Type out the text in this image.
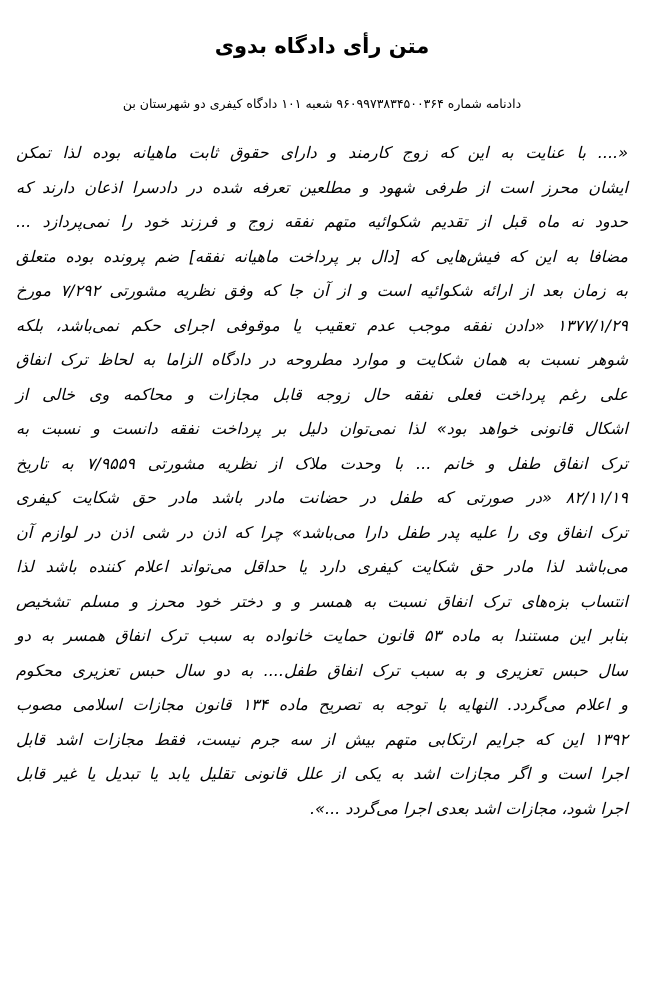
متن رأی دادگاه بدوی

دادنامه شماره ۹۶۰۹۹۷۳۸۳۴۵۰۰۳۶۴ شعبه ۱۰۱ دادگاه کیفری دو شهرستان بن

«.... با عنایت به این که زوج کارمند و دارای حقوق ثابت ماهیانه بوده لذا تمکن
ایشان محرز است از طرفی شهود و مطلعین تعرفه شده در دادسرا اذعان دارند که
حدود نه ماه قبل از تقدیم شکوائیه متهم نفقه زوج و فرزند خود را نمی‌پردازد ...
مضافا به این که فیش‌هایی که [دال بر پرداخت ماهیانه نفقه] ضم پرونده بوده متعلق
به زمان بعد از ارائه شکوائیه است و از آن جا که وفق نظریه مشورتی ۷/۲۹۲ مورخ
۱۳۷۷/۱/۲۹ «دادن نفقه موجب عدم تعقیب یا موقوفی اجرای حکم نمی‌باشد، بلکه
شوهر نسبت به همان شکایت و موارد مطروحه در دادگاه الزاما به لحاظ ترک انفاق
علی رغم پرداخت فعلی نفقه حال زوجه قابل مجازات و محاکمه وی خالی از
اشکال قانونی خواهد بود» لذا نمی‌توان دلیل بر پرداخت نفقه دانست و نسبت به
ترک انفاق طفل و خانم ... با وحدت ملاک از نظریه مشورتی ۷/۹۵۵۹ به تاریخ
۸۲/۱۱/۱۹ «در صورتی که طفل در حضانت مادر باشد مادر حق شکایت کیفری
ترک انفاق وی را علیه پدر طفل دارا می‌باشد» چرا که اذن در شی اذن در لوازم آن
می‌باشد لذا مادر حق شکایت کیفری دارد یا حداقل می‌تواند اعلام کننده باشد لذا
انتساب بزه‌های ترک انفاق نسبت به همسر و و دختر خود محرز و مسلم تشخیص
بنابر این مستندا به ماده ۵۳ قانون حمایت خانواده به سبب ترک انفاق همسر به دو
سال حبس تعزیری و به سبب ترک انفاق طفل.... به دو سال حبس تعزیری محکوم
و اعلام می‌گردد. النهایه با توجه به تصریح ماده ۱۳۴ قانون مجازات اسلامی مصوب
۱۳۹۲ این که جرایم ارتکابی متهم بیش از سه جرم نیست، فقط مجازات اشد قابل
اجرا است و اگر مجازات اشد به یکی از علل قانونی تقلیل یابد یا تبدیل یا غیر قابل
اجرا شود، مجازات اشد بعدی اجرا می‌گردد ...».
